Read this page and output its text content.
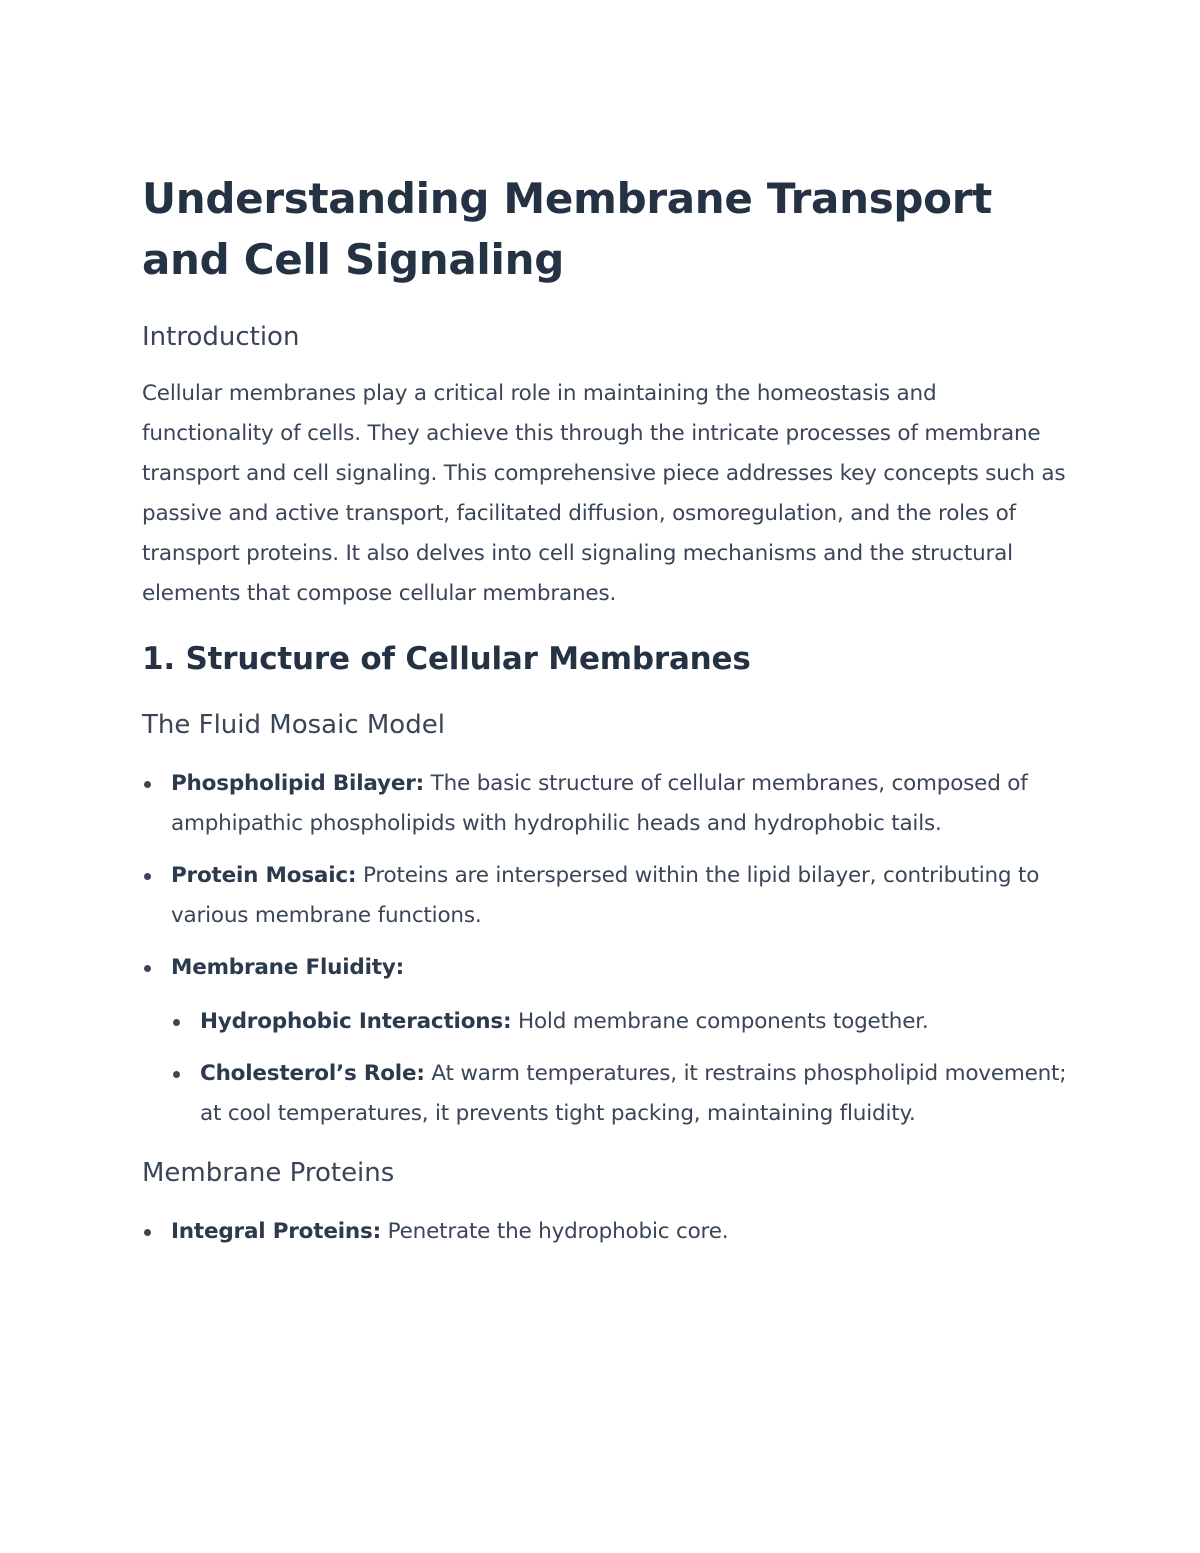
Understanding Membrane Transport and Cell Signaling
Introduction

Cellular membranes play a critical role in maintaining the homeostasis and functionality of cells. They achieve this through the intricate processes of membrane transport and cell signaling. This comprehensive piece addresses key concepts such as passive and active transport, facilitated diffusion, osmoregulation, and the roles of transport proteins. It also delves into cell signaling mechanisms and the structural elements that compose cellular membranes.

1. Structure of Cellular Membranes
The Fluid Mosaic Model
Phospholipid Bilayer: The basic structure of cellular membranes, composed of amphipathic phospholipids with hydrophilic heads and hydrophobic tails.
Protein Mosaic: Proteins are interspersed within the lipid bilayer, contributing to various membrane functions.
Membrane Fluidity:
Hydrophobic Interactions: Hold membrane components together.
Cholesterol’s Role: At warm temperatures, it restrains phospholipid movement; at cool temperatures, it prevents tight packing, maintaining fluidity.
Membrane Proteins
Integral Proteins: Penetrate the hydrophobic core.
